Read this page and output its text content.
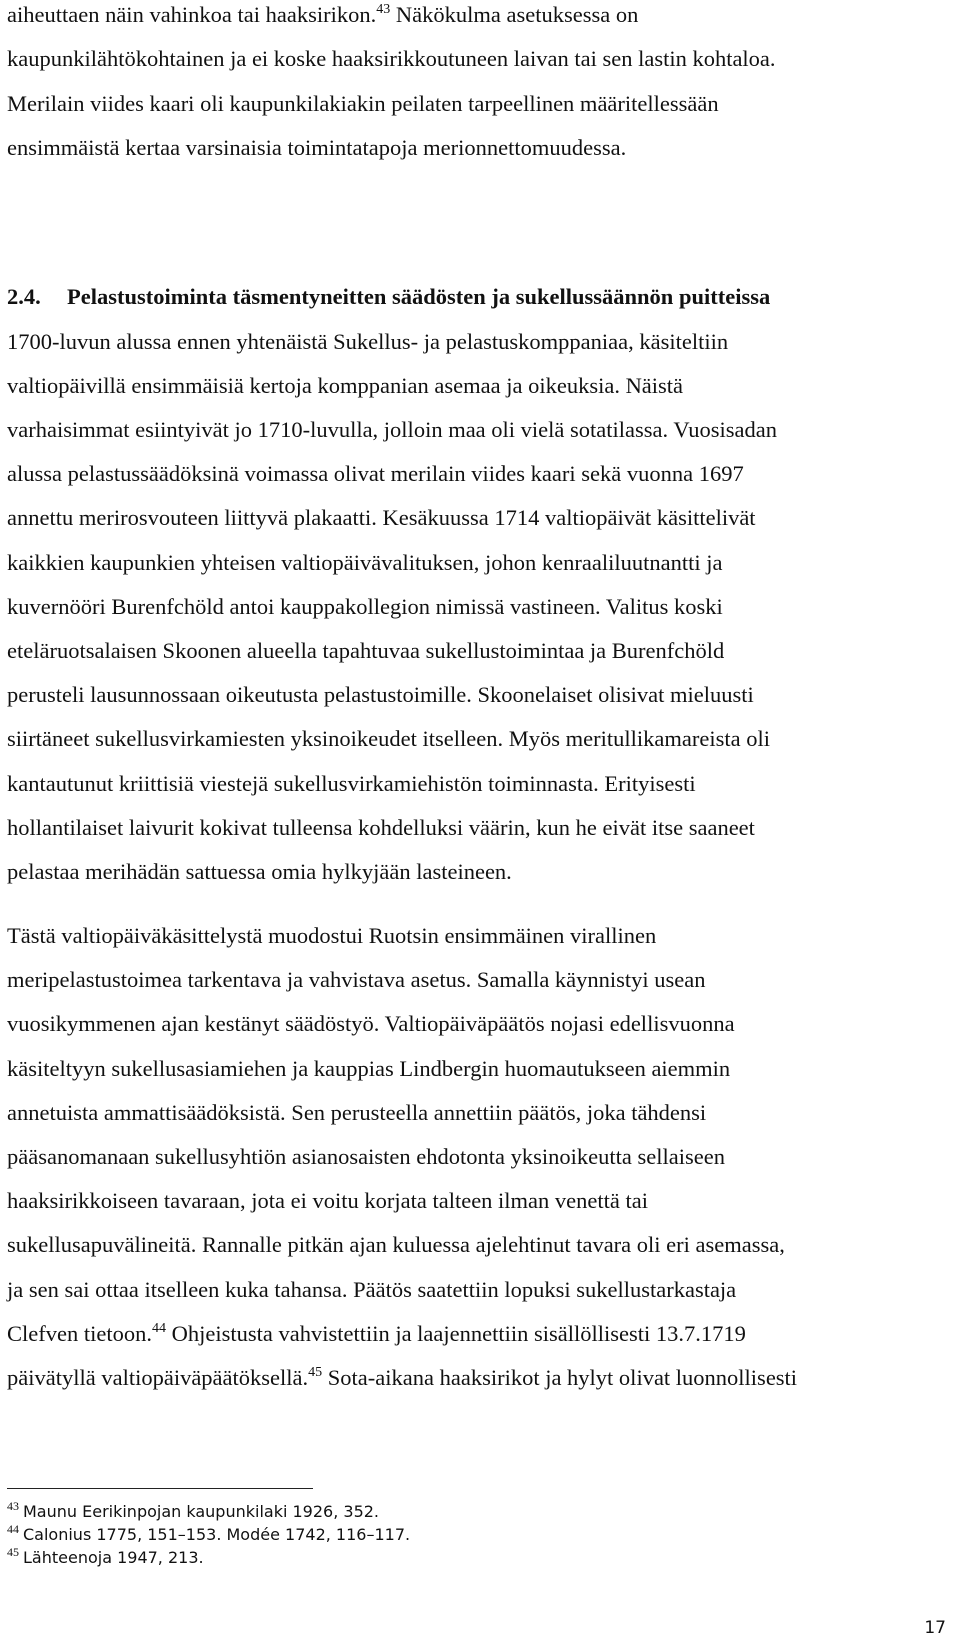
aiheuttaen näin vahinkoa tai haaksirikon.$^{43}$ Näkökulma asetuksessa on
kaupunkilähtökohtainen ja ei koske haaksirikkoutuneen laivan tai sen lastin kohtaloa.
Merilain viides kaari oli kaupunkilakiakin peilaten tarpeellinen määritellessään
ensimmäistä kertaa varsinaisia toimintatapoja merionnettomuudessa.
2.4. Pelastustoiminta täsmentyneitten säädösten ja sukellussäännön puitteissa
1700-luvun alussa ennen yhtenäistä Sukellus- ja pelastuskomppaniaa, käsiteltiin
valtiopäivillä ensimmäisiä kertoja komppanian asemaa ja oikeuksia. Näistä
varhaisimmat esiintyivät jo 1710-luvulla, jolloin maa oli vielä sotatilassa. Vuosisadan
alussa pelastussäädöksinä voimassa olivat merilain viides kaari sekä vuonna 1697
annettu merirosvouteen liittyvä plakaatti. Kesäkuussa 1714 valtiopäivät käsittelivät
kaikkien kaupunkien yhteisen valtiopäivävalituksen, johon kenraaliluutnantti ja
kuvernööri Burenfchöld antoi kauppakollegion nimissä vastineen. Valitus koski
eteläruotsalaisen Skoonen alueella tapahtuvaa sukellustoimintaa ja Burenfchöld
perusteli lausunnossaan oikeutusta pelastustoimille. Skoonelaiset olisivat mieluusti
siirtäneet sukellusvirkamiesten yksinoikeudet itselleen. Myös meritullikamareista oli
kantautunut kriittisiä viestejä sukellusvirkamiehistön toiminnasta. Erityisesti
hollantilaiset laivurit kokivat tulleensa kohdelluksi väärin, kun he eivät itse saaneet
pelastaa merihädän sattuessa omia hylkyjään lasteineen.
Tästä valtiopäiväkäsittelystä muodostui Ruotsin ensimmäinen virallinen
meripelastustoimea tarkentava ja vahvistava asetus. Samalla käynnistyi usean
vuosikymmenen ajan kestänyt säädöstyö. Valtiopäiväpäätös nojasi edellisvuonna
käsiteltyyn sukellusasiamiehen ja kauppias Lindbergin huomautukseen aiemmin
annetuista ammattisäädöksistä. Sen perusteella annettiin päätös, joka tähdensi
pääsanomanaan sukellusyhtiön asianosaisten ehdotonta yksinoikeutta sellaiseen
haaksirikkoiseen tavaraan, jota ei voitu korjata talteen ilman venettä tai
sukellusapuvälineitä. Rannalle pitkän ajan kuluessa ajelehtinut tavara oli eri asemassa,
ja sen sai ottaa itselleen kuka tahansa. Päätös saatettiin lopuksi sukellustarkastaja
Clefven tietoon.$^{44}$ Ohjeistusta vahvistettiin ja laajennettiin sisällöllisesti 13.7.1719
päivätyllä valtiopäiväpäätöksellä.$^{45}$ Sota-aikana haaksirikot ja hylyt olivat luonnollisesti
$^{43}$ Maunu Eerikinpojan kaupunkilaki 1926, 352.
$^{44}$ Calonius 1775, 151–153. Modée 1742, 116–117.
$^{45}$ Lähteenoja 1947, 213.
17
